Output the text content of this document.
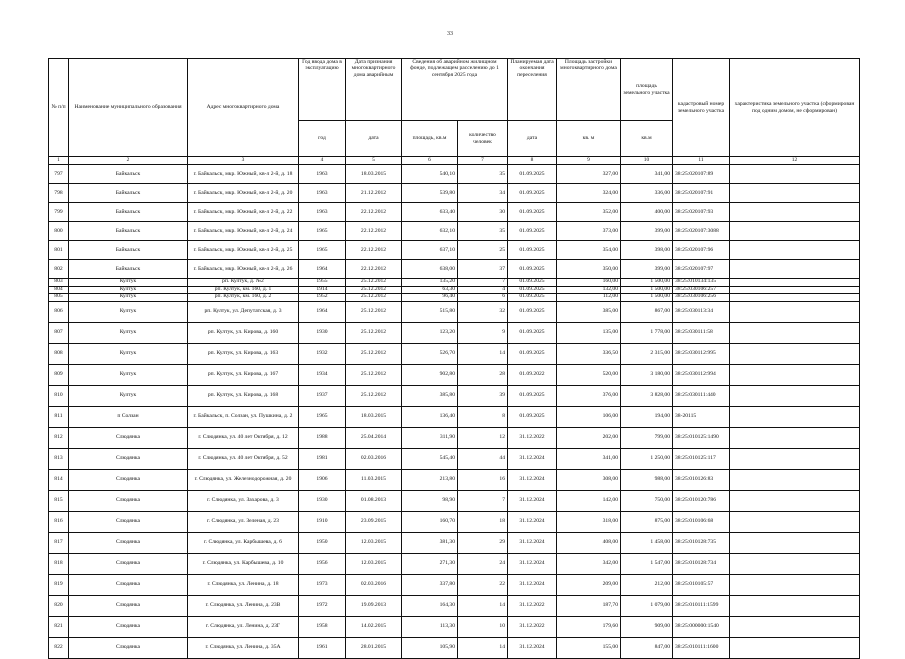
33
№ п/п	Наименование муниципального образования	Адрес многоквартирного дома	Год ввода дома в эксплуатацию	Дата признания многоквартирного дома аварийным	Сведения об аварийном жилищном фонде, подлежащем расселению до 1 сентября 2025 года		Планируемая дата окончания переселения	Площадь застройки многоквартирного дома	площадь земельного участка	кадастровый номер земельного участка	характеристика земельного участка (сформирован под одним домом, не сформирован)
			год	дата	площадь, кв.м	количество человек	дата	кв. м	кв.м		
1	2	3	4	5	6	7	8	9	10	11	12
797	Байкальск	г. Байкальск, мкр. Южный, кв-л 2-й, д. 18	1963	18.03.2015	540,10	35	01.09.2025	327,00	341,00	38:25:020107:89	
798	Байкальск	г. Байкальск, мкр. Южный, кв-л 2-й, д. 20	1963	21.12.2012	539,80	34	01.09.2025	324,00	336,00	38:25:020107:91	
799	Байкальск	г. Байкальск, мкр. Южный, кв-л 2-й, д. 22	1963	22.12.2012	633,40	30	01.09.2025	352,00	400,00	38:25:020107:93	
800	Байкальск	г. Байкальск, мкр. Южный, кв-л 2-й, д. 24	1965	22.12.2012	632,10	35	01.09.2025	373,00	399,00	38:25:020107:3088	
801	Байкальск	г. Байкальск, мкр. Южный, кв-л 2-й, д. 25	1965	22.12.2012	637,10	25	01.09.2025	354,00	398,00	38:25:020107:96	
802	Байкальск	г. Байкальск, мкр. Южный, кв-л 2-й, д. 26	1964	22.12.2012	638,00	37	01.09.2025	350,00	399,00	38:25:020107:97	
803	Култук	рп. Култук, д. №2	1955	25.12.2012	135,20	7	01.09.2025	160,00	1 500,00	38:25:010134:135	
804	Култук	рп. Култук, км. 160, д. 1	1914	25.12.2012	63,30	4	01.09.2025	132,00	1 500,00	38:25:030106:257	
805	Култук	рп. Култук, км. 160, д. 2	1952	25.12.2012	96,40	6	01.09.2025	112,00	1 500,00	38:25:030106:256	
806	Култук	рп. Култук, ул. Депутатская, д. 3	1964	25.12.2012	515,80	32	01.09.2025	385,00	867,00	38:25:030113:34	
807	Култук	рп. Култук, ул. Кирова, д. 160	1930	25.12.2012	123,20	9	01.09.2025	135,00	1 778,00	38:25:030111:58	
808	Култук	рп. Култук, ул. Кирова, д. 163	1932	25.12.2012	526,70	14	01.09.2025	336,50	2 315,00	38:25:030112:995	
809	Култук	рп. Култук, ул. Кирова, д. 167	1934	25.12.2012	902,80	28	01.09.2022	520,00	3 180,00	38:25:030112:994	
810	Култук	рп. Култук, ул. Кирова, д. 168	1937	25.12.2012	385,80	39	01.09.2025	376,00	3 828,00	38:25:030111:440	
811	п Солзан	г. Байкальск, п. Солзан, ул. Пушкина, д. 2	1965	18.03.2015	136,40	8	01.09.2025	106,00	194,00	38-20115	
812	Слюдянка	г. Слюдянка, ул. 40 лет Октября, д. 12	1988	25.04.2014	311,90	12	31.12.2022	202,00	799,00	38:25:010125:1490	
813	Слюдянка	г. Слюдянка, ул. 40 лет Октября, д. 52	1981	02.03.2016	545,40	44	31.12.2024	341,00	1 250,00	38:25:010125:117	
814	Слюдянка	г. Слюдянка, ул. Железнодорожная, д. 20	1906	11.03.2015	213,80	16	31.12.2024	308,00	988,00	38:25:010126:83	
815	Слюдянка	г. Слюдянка, ул. Захарова, д. 3	1930	01.08.2013	98,90	7	31.12.2024	142,00	750,00	38:25:010120:786	
816	Слюдянка	г. Слюдянка, ул. Зеленая, д. 23	1910	23.09.2015	160,70	18	31.12.2024	318,00	875,00	38:25:010106:68	
817	Слюдянка	г. Слюдянка, ул. Карбышева, д. 6	1950	12.03.2015	381,30	29	31.12.2024	408,00	1 458,00	38:25:010128:735	
818	Слюдянка	г. Слюдянка, ул. Карбышева, д. 10	1956	12.03.2015	271,30	24	31.12.2024	342,00	1 547,00	38:25:010128:734	
819	Слюдянка	г. Слюдянка, ул. Ленина, д. 18	1973	02.03.2016	337,80	22	31.12.2024	209,00	212,00	38:25:010105:57	
820	Слюдянка	г. Слюдянка, ул. Ленина, д. 23В	1972	19.09.2013	164,30	14	31.12.2022	187,70	1 079,00	38:25:010111:1599	
821	Слюдянка	г. Слюдянка, ул. Ленина, д. 23Г	1958	14.02.2015	113,30	10	31.12.2022	179,60	909,00	38:25:000000:1540	
822	Слюдянка	г. Слюдянка, ул. Ленина, д. 35А	1961	28.01.2015	105,90	14	31.12.2024	155,00	847,00	38:25:010111:1600	
